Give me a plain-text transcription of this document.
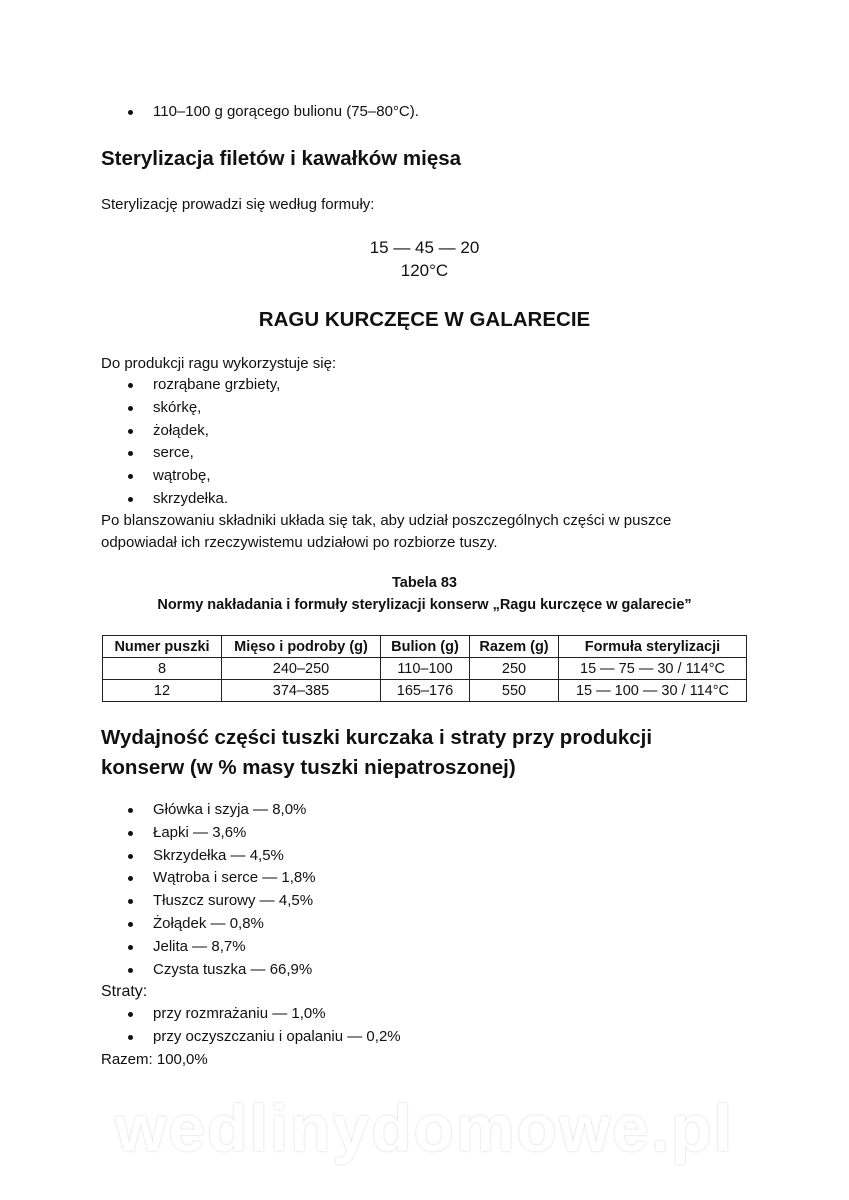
110–100 g gorącego bulionu (75–80°C).
Sterylizacja filetów i kawałków mięsa

Sterylizację prowadzi się według formuły:

15 — 45 — 20
120°C
RAGU KURCZĘCE W GALARECIE

Do produkcji ragu wykorzystuje się:

rozrąbane grzbiety,
skórkę,
żołądek,
serce,
wątrobę,
skrzydełka.

Po blanszowaniu składniki układa się tak, aby udział poszczególnych części w puszce

odpowiadał ich rzeczywistemu udziałowi po rozbiorze tuszy.

Tabela 83
Normy nakładania i formuły sterylizacji konserw „Ragu kurczęce w galarecie”
Numer puszki	Mięso i podroby (g)	Bulion (g)	Razem (g)	Formuła sterylizacji
8	240–250	110–100	250	15 — 75 — 30 / 114°C
12	374–385	165–176	550	15 — 100 — 30 / 114°C
Wydajność części tuszki kurczaka i straty przy produkcji
konserw (w % masy tuszki niepatroszonej)
Główka i szyja — 8,0%
Łapki — 3,6%
Skrzydełka — 4,5%
Wątroba i serce — 1,8%
Tłuszcz surowy — 4,5%
Żołądek — 0,8%
Jelita — 8,7%
Czysta tuszka — 66,9%

Straty:

przy rozmrażaniu — 1,0%
przy oczyszczaniu i opalaniu — 0,2%

Razem: 100,0%

wedlinydomowe.pl
